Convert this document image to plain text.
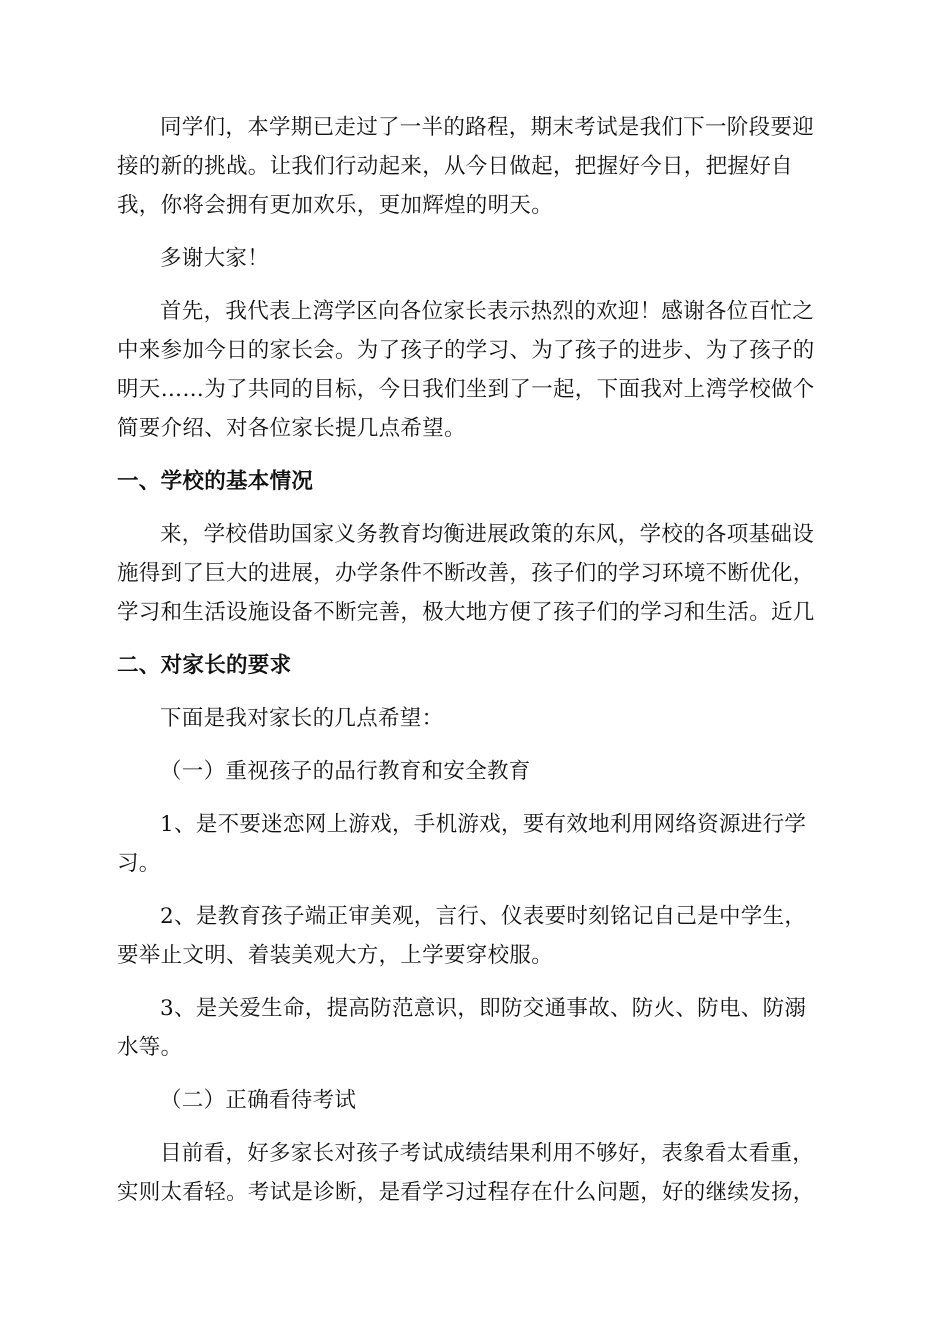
同学们，本学期已走过了一半的路程，期末考试是我们下一阶段要迎
接的新的挑战。让我们行动起来，从今日做起，把握好今日，把握好自
我，你将会拥有更加欢乐，更加辉煌的明天。
多谢大家！
首先，我代表上湾学区向各位家长表示热烈的欢迎！感谢各位百忙之
中来参加今日的家长会。为了孩子的学习、为了孩子的进步、为了孩子的
明天……为了共同的目标，今日我们坐到了一起，下面我对上湾学校做个
简要介绍、对各位家长提几点希望。
一、学校的基本情况
来，学校借助国家义务教育均衡进展政策的东风，学校的各项基础设
施得到了巨大的进展，办学条件不断改善，孩子们的学习环境不断优化，
学习和生活设施设备不断完善，极大地方便了孩子们的学习和生活。近几
二、对家长的要求
下面是我对家长的几点希望：
（一）重视孩子的品行教育和安全教育
1、是不要迷恋网上游戏，手机游戏，要有效地利用网络资源进行学
习。
2、是教育孩子端正审美观，言行、仪表要时刻铭记自己是中学生，
要举止文明、着装美观大方，上学要穿校服。
3、是关爱生命，提高防范意识，即防交通事故、防火、防电、防溺
水等。
（二）正确看待考试
目前看，好多家长对孩子考试成绩结果利用不够好，表象看太看重，
实则太看轻。考试是诊断，是看学习过程存在什么问题，好的继续发扬，
